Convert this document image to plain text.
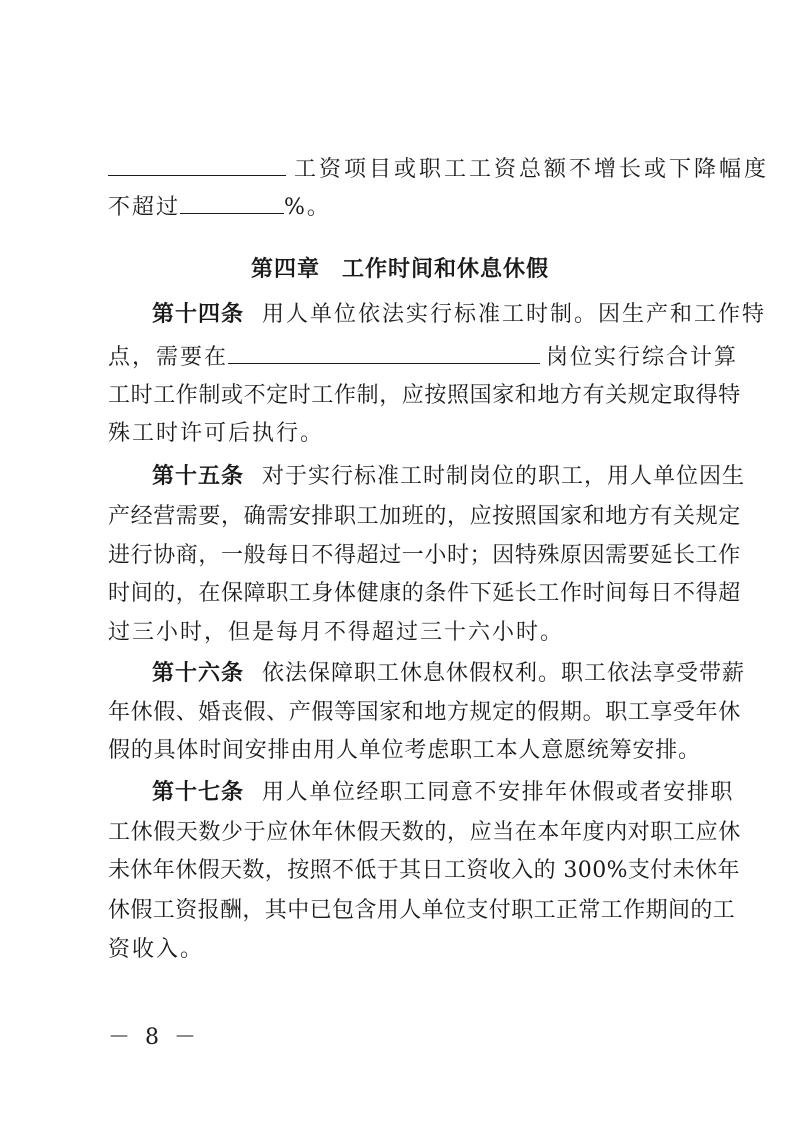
工资项目或职工工资总额不增长或下降幅度
不超过	%。
第四章 工作时间和休息休假
第十四条 用人单位依法实行标准工时制。因生产和工作特
点，需要在	岗位实行综合计算
工时工作制或不定时工作制，应按照国家和地方有关规定取得特
殊工时许可后执行。
第十五条 对于实行标准工时制岗位的职工，用人单位因生
产经营需要，确需安排职工加班的，应按照国家和地方有关规定
进行协商，一般每日不得超过一小时；因特殊原因需要延长工作
时间的，在保障职工身体健康的条件下延长工作时间每日不得超
过三小时，但是每月不得超过三十六小时。
第十六条 依法保障职工休息休假权利。职工依法享受带薪
年休假、婚丧假、产假等国家和地方规定的假期。职工享受年休
假的具体时间安排由用人单位考虑职工本人意愿统筹安排。
第十七条 用人单位经职工同意不安排年休假或者安排职
工休假天数少于应休年休假天数的，应当在本年度内对职工应休
未休年休假天数，按照不低于其日工资收入的 300%支付未休年
休假工资报酬，其中已包含用人单位支付职工正常工作期间的工
资收入。
－ 8 －
